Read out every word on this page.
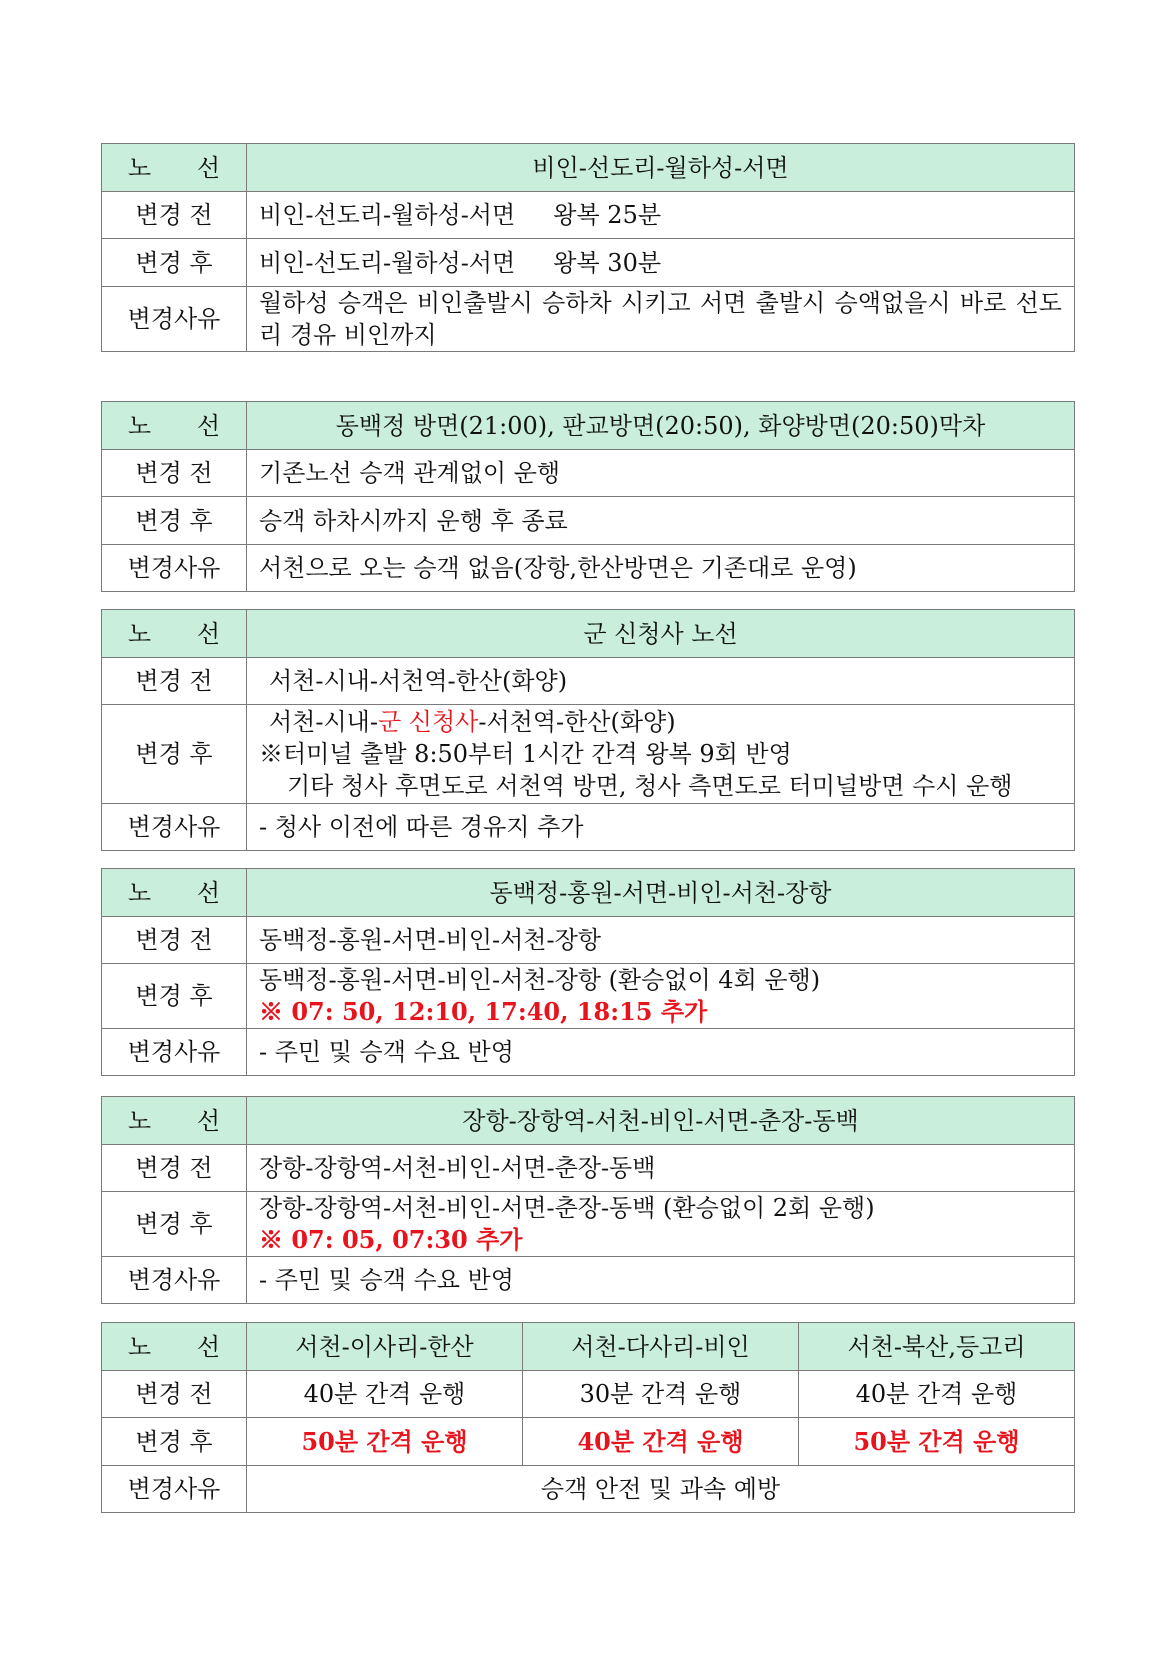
노      선	비인-선도리-월하성-서면
변경 전	비인-선도리-월하성-서면     왕복 25분
변경 후	비인-선도리-월하성-서면     왕복 30분
변경사유	월하성 승객은 비인출발시 승하차 시키고 서면 출발시 승액없을시 바로 선도리 경유 비인까지
노      선	동백정 방면(21:00), 판교방면(20:50), 화양방면(20:50)막차
변경 전	기존노선 승객 관계없이 운행
변경 후	승객 하차시까지 운행 후 종료
변경사유	서천으로 오는 승객 없음(장항,한산방면은 기존대로 운영)
노      선	군 신청사 노선
변경 전	서천-시내-서천역-한산(화양)
변경 후	서천-시내-군 신청사-서천역-한산(화양)
※터미널 출발 8:50부터 1시간 간격 왕복 9회 반영
기타 청사 후면도로 서천역 방면, 청사 측면도로 터미널방면 수시 운행

변경사유	- 청사 이전에 따른 경유지 추가
노      선	동백정-홍원-서면-비인-서천-장항
변경 전	동백정-홍원-서면-비인-서천-장항
변경 후	동백정-홍원-서면-비인-서천-장항 (환승없이 4회 운행)
※ 07: 50, 12:10, 17:40, 18:15 추가

변경사유	- 주민 및 승객 수요 반영
노      선	장항-장항역-서천-비인-서면-춘장-동백
변경 전	장항-장항역-서천-비인-서면-춘장-동백
변경 후	장항-장항역-서천-비인-서면-춘장-동백 (환승없이 2회 운행)
※ 07: 05, 07:30 추가

변경사유	- 주민 및 승객 수요 반영
노      선	서천-이사리-한산	서천-다사리-비인	서천-북산,등고리
변경 전	40분 간격 운행	30분 간격 운행	40분 간격 운행
변경 후	50분 간격 운행	40분 간격 운행	50분 간격 운행
변경사유	승객 안전 및 과속 예방		
